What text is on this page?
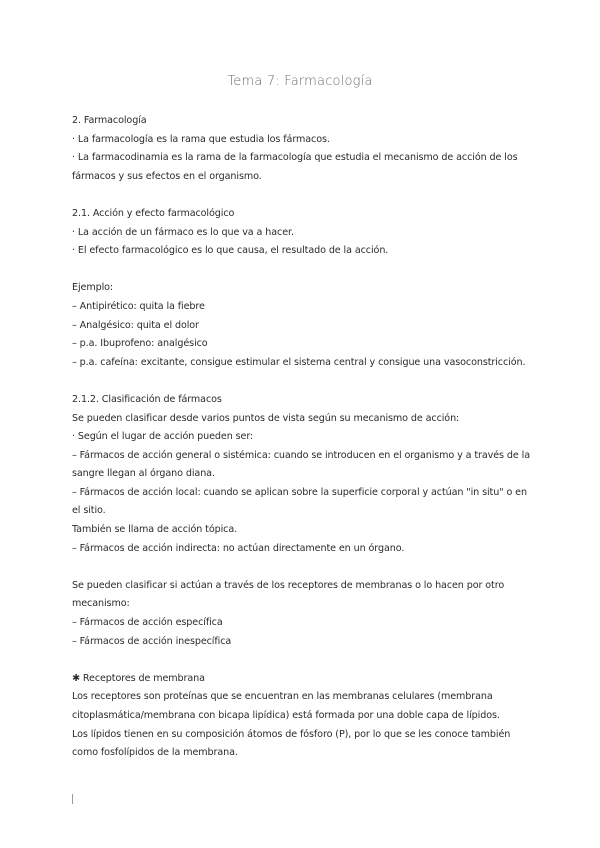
Tema 7: Farmacología
2. Farmacología
· La farmacología es la rama que estudia los fármacos.
· La farmacodinamia es la rama de la farmacología que estudia el mecanismo de acción de los fármacos y sus efectos en el organismo.
2.1. Acción y efecto farmacológico
· La acción de un fármaco es lo que va a hacer.
· El efecto farmacológico es lo que causa, el resultado de la acción.
Ejemplo:
– Antipirético: quita la fiebre
– Analgésico: quita el dolor
– p.a. Ibuprofeno: analgésico
– p.a. cafeína: excitante, consigue estimular el sistema central y consigue una vasoconstricción.
2.1.2. Clasificación de fármacos
Se pueden clasificar desde varios puntos de vista según su mecanismo de acción:
· Según el lugar de acción pueden ser:
– Fármacos de acción general o sistémica: cuando se introducen en el organismo y a través de la sangre llegan al órgano diana.
– Fármacos de acción local: cuando se aplican sobre la superficie corporal y actúan "in situ" o en el sitio.
También se llama de acción tópica.
– Fármacos de acción indirecta: no actúan directamente en un órgano.
Se pueden clasificar si actúan a través de los receptores de membranas o lo hacen por otro mecanismo:
– Fármacos de acción específica
– Fármacos de acción inespecífica
✱ Receptores de membrana
Los receptores son proteínas que se encuentran en las membranas celulares (membrana citoplasmática/membrana con bicapa lipídica) está formada por una doble capa de lípidos.
Los lípidos tienen en su composición átomos de fósforo (P), por lo que se les conoce también como fosfolípidos de la membrana.
